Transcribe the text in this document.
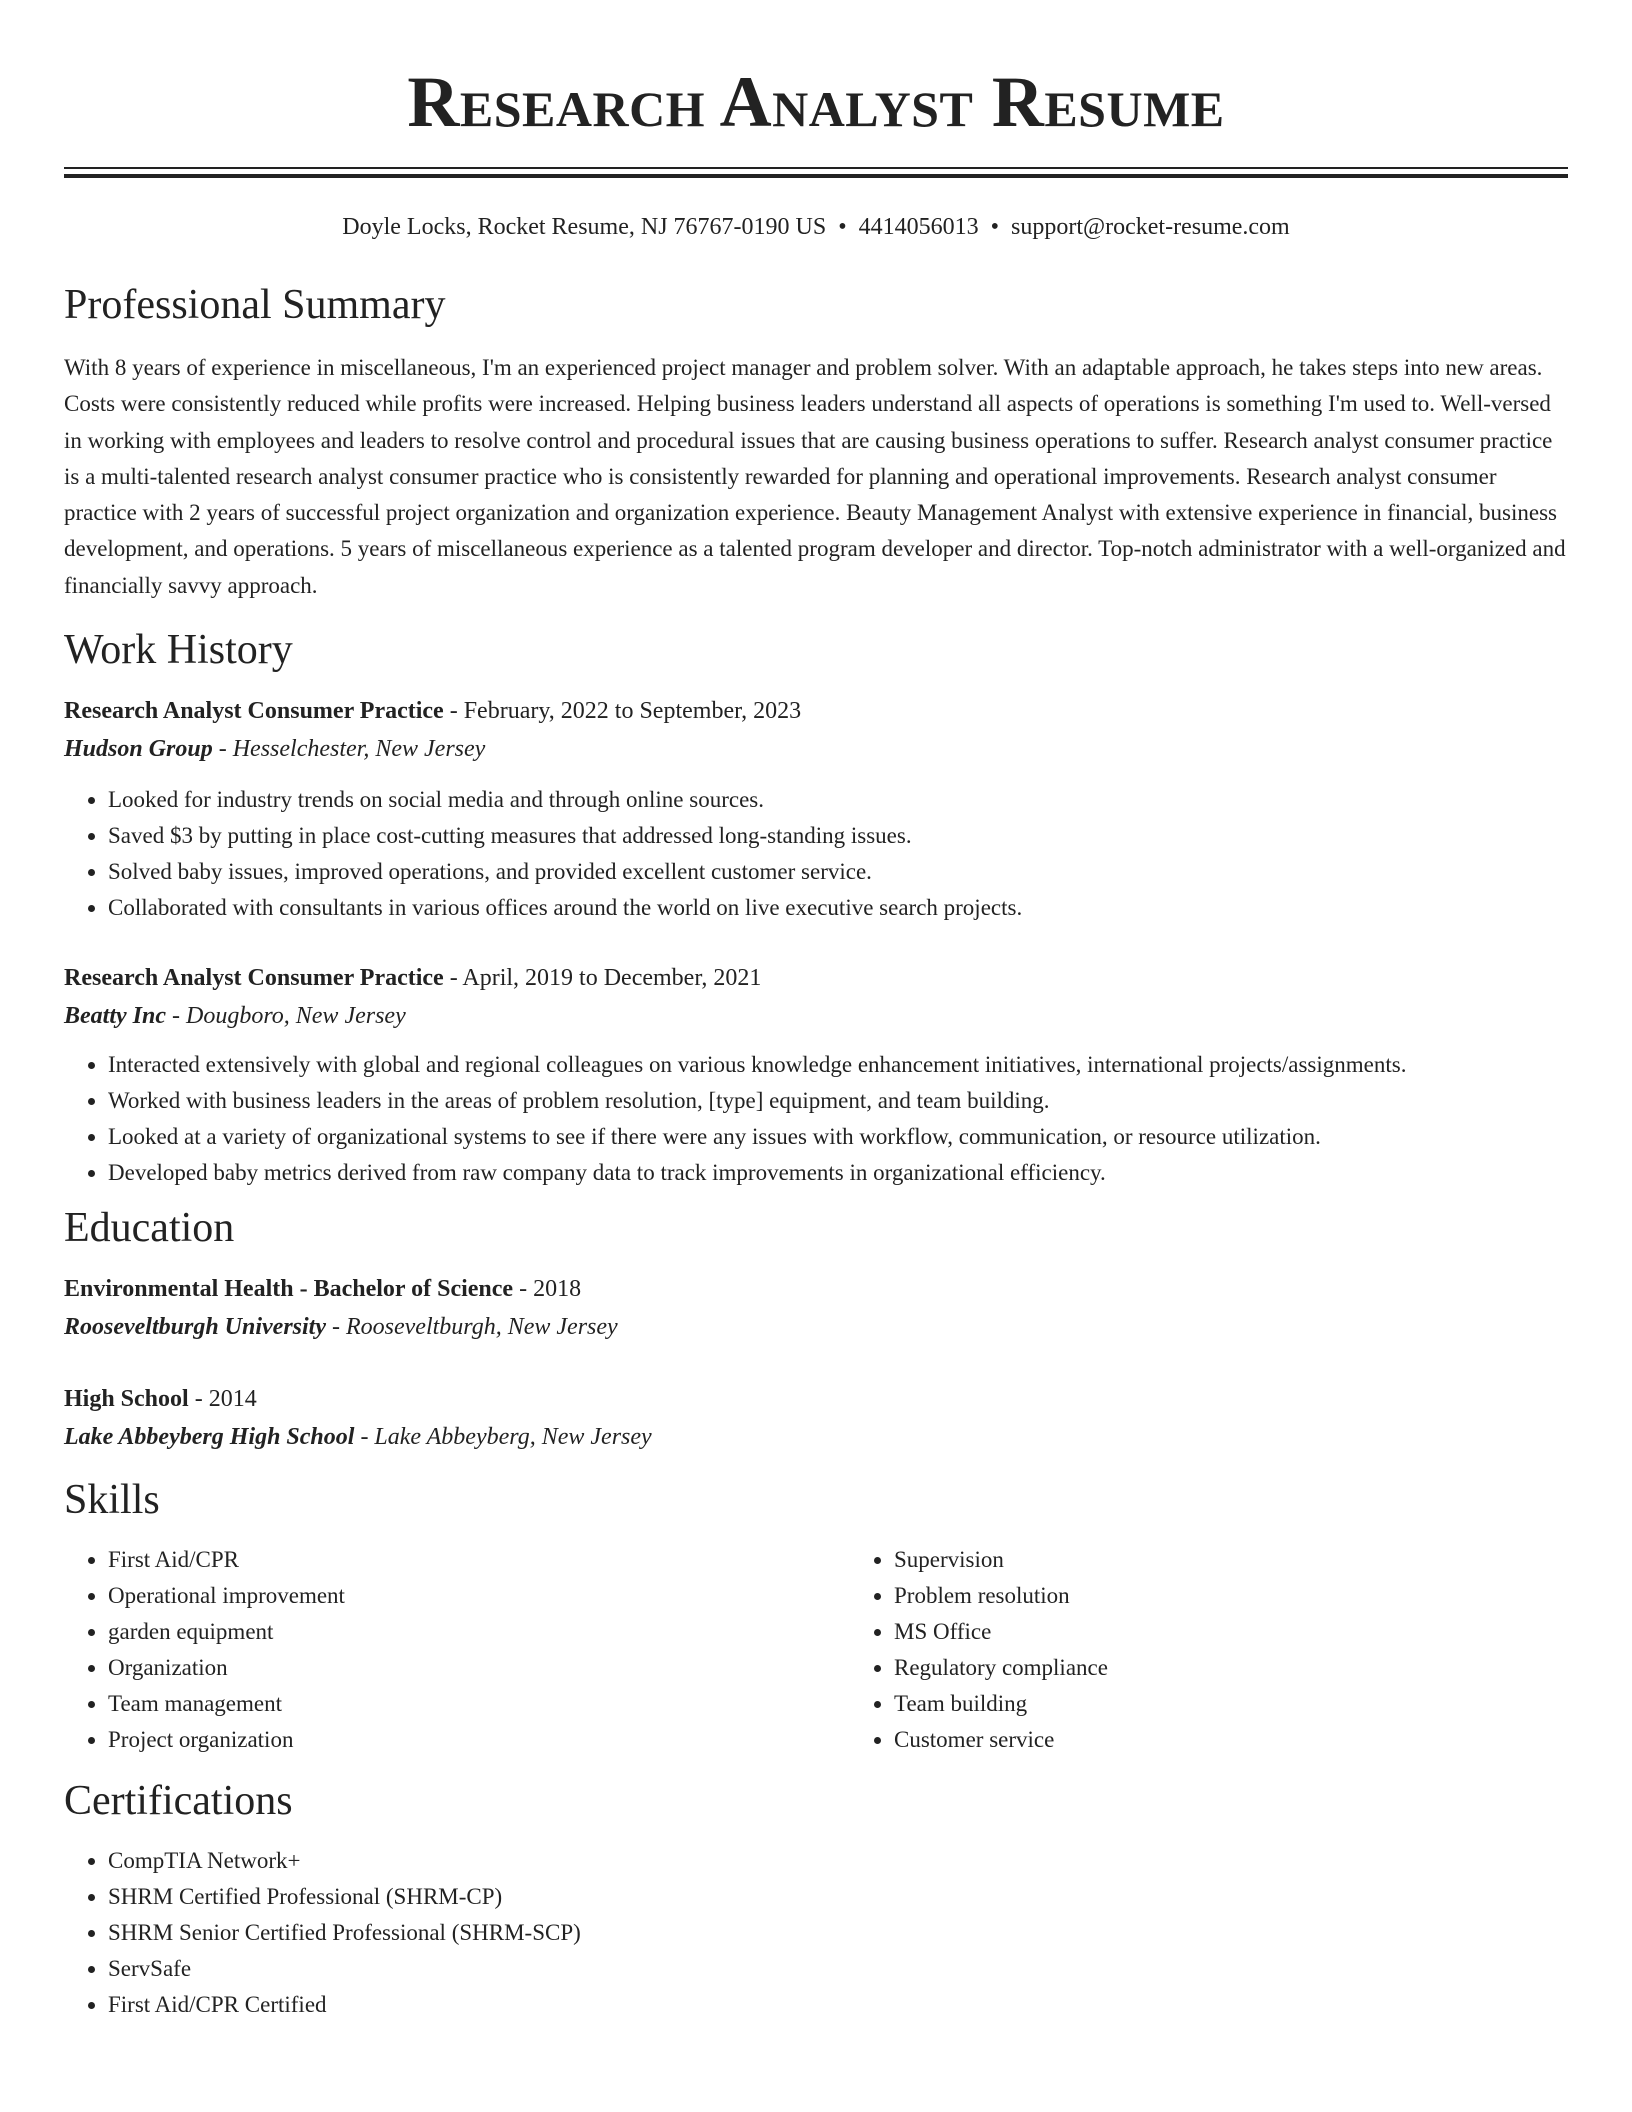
Research Analyst Resume
Doyle Locks, Rocket Resume, NJ 76767-0190 US • 4414056013 • support@rocket-resume.com
Professional Summary

With 8 years of experience in miscellaneous, I'm an experienced project manager and problem solver. With an adaptable approach, he takes steps into new areas. Costs were consistently reduced while profits were increased. Helping business leaders understand all aspects of operations is something I'm used to. Well-versed in working with employees and leaders to resolve control and procedural issues that are causing business operations to suffer. Research analyst consumer practice is a multi-talented research analyst consumer practice who is consistently rewarded for planning and operational improvements. Research analyst consumer practice with 2 years of successful project organization and organization experience. Beauty Management Analyst with extensive experience in financial, business development, and operations. 5 years of miscellaneous experience as a talented program developer and director. Top-notch administrator with a well-organized and financially savvy approach.

Work History
Research Analyst Consumer Practice - February, 2022 to September, 2023
Hudson Group - Hesselchester, New Jersey
• Looked for industry trends on social media and through online sources.
• Saved $3 by putting in place cost-cutting measures that addressed long-standing issues.
• Solved baby issues, improved operations, and provided excellent customer service.
• Collaborated with consultants in various offices around the world on live executive search projects.
Research Analyst Consumer Practice - April, 2019 to December, 2021
Beatty Inc - Dougboro, New Jersey
• Interacted extensively with global and regional colleagues on various knowledge enhancement initiatives, international projects/assignments.
• Worked with business leaders in the areas of problem resolution, [type] equipment, and team building.
• Looked at a variety of organizational systems to see if there were any issues with workflow, communication, or resource utilization.
• Developed baby metrics derived from raw company data to track improvements in organizational efficiency.
Education
Environmental Health - Bachelor of Science - 2018
Rooseveltburgh University - Rooseveltburgh, New Jersey
High School - 2014
Lake Abbeyberg High School - Lake Abbeyberg, New Jersey
Skills
• First Aid/CPR
• Operational improvement
• garden equipment
• Organization
• Team management
• Project organization
• Supervision
• Problem resolution
• MS Office
• Regulatory compliance
• Team building
• Customer service
Certifications
• CompTIA Network+
• SHRM Certified Professional (SHRM-CP)
• SHRM Senior Certified Professional (SHRM-SCP)
• ServSafe
• First Aid/CPR Certified
